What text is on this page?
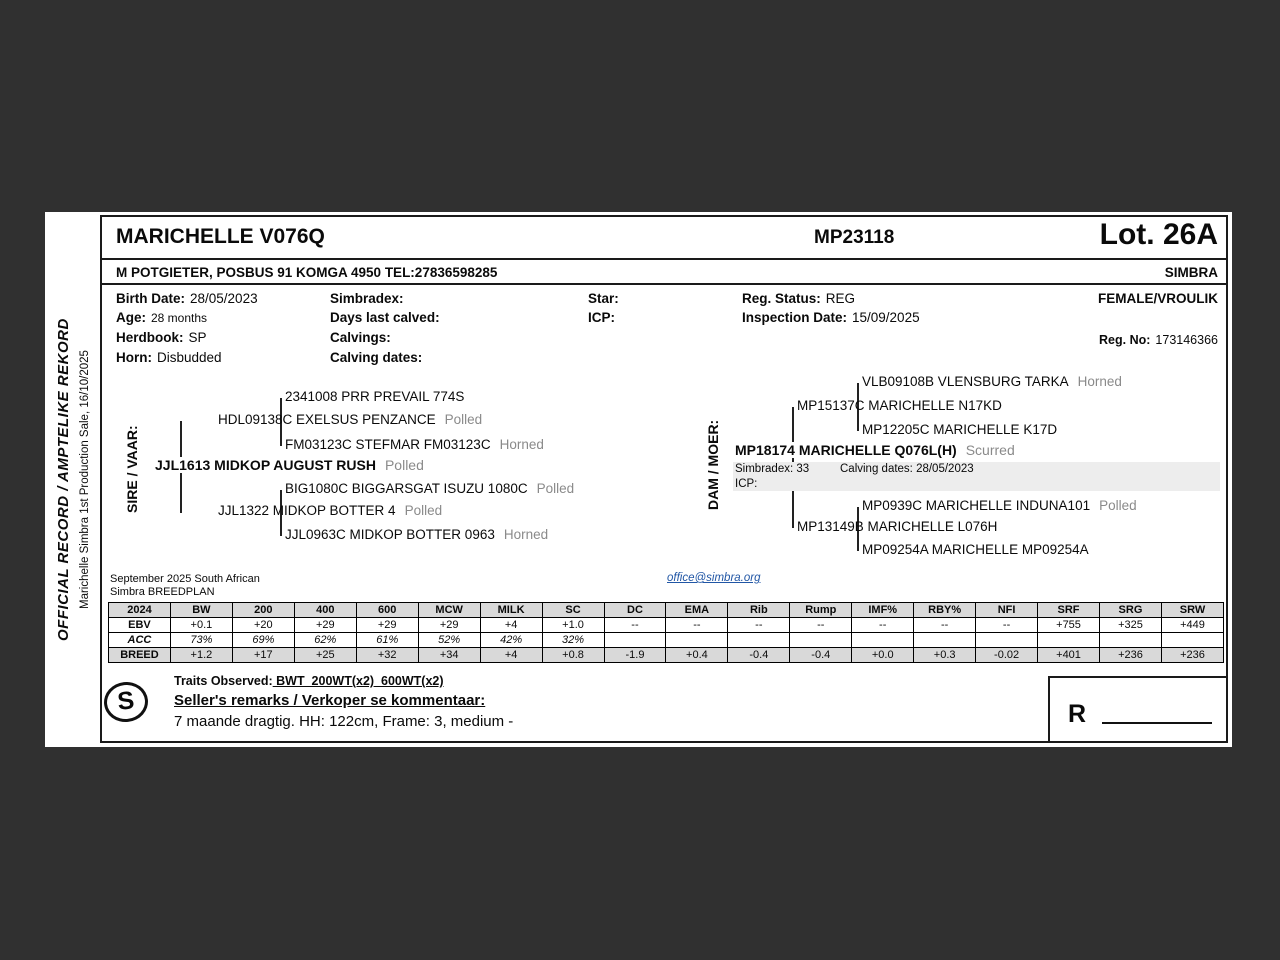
OFFICIAL RECORD / AMPTELIKE REKORD Marichelle Simbra 1st Production Sale, 16/10/2025
MARICHELLE V076Q	MP23118	Lot. 26A
M POTGIETER, POSBUS 91 KOMGA 4950 TEL:27836598285	SIMBRA
Birth Date: 28/05/2023	Simbradex:	Star:	Reg. Status: REG	FEMALE/VROULIK
Age: 28 months	Days last calved:	ICP:	Inspection Date: 15/09/2025
Herdbook: SP	Calvings:	Reg. No: 173146366
Horn: Disbudded	Calving dates:
SIRE / VAAR:
2341008 PRR PREVAIL 774S
HDL09138C EXELSUS PENZANCE Polled
FM03123C STEFMAR FM03123C Horned
JJL1613 MIDKOP AUGUST RUSH Polled
BIG1080C BIGGARSGAT ISUZU 1080C Polled
JJL1322 MIDKOP BOTTER 4 Polled
JJL0963C MIDKOP BOTTER 0963 Horned
DAM / MOER:
VLB09108B VLENSBURG TARKA Horned
MP15137C MARICHELLE N17KD
MP12205C MARICHELLE K17D
MP18174 MARICHELLE Q076L(H) Scurred
Simbradex: 33	Calving dates: 28/05/2023
ICP:
MP0939C MARICHELLE INDUNA101 Polled
MP13149B MARICHELLE L076H
MP09254A MARICHELLE MP09254A
September 2025 South African
Simbra BREEDPLAN
office@simbra.org
2024	BW	200	400	600	MCW	MILK	SC	DC	EMA	Rib	Rump	IMF%	RBY%	NFI	SRF	SRG	SRW
EBV	+0.1	+20	+29	+29	+29	+4	+1.0	--	--	--	--	--	--	--	+755	+325	+449
ACC	73%	69%	62%	61%	52%	42%	32%										
BREED	+1.2	+17	+25	+32	+34	+4	+0.8	-1.9	+0.4	-0.4	-0.4	+0.0	+0.3	-0.02	+401	+236	+236
S
Traits Observed: BWT  200WT(x2)  600WT(x2)
Seller's remarks / Verkoper se kommentaar:
7 maande dragtig. HH: 122cm, Frame: 3, medium -	R
